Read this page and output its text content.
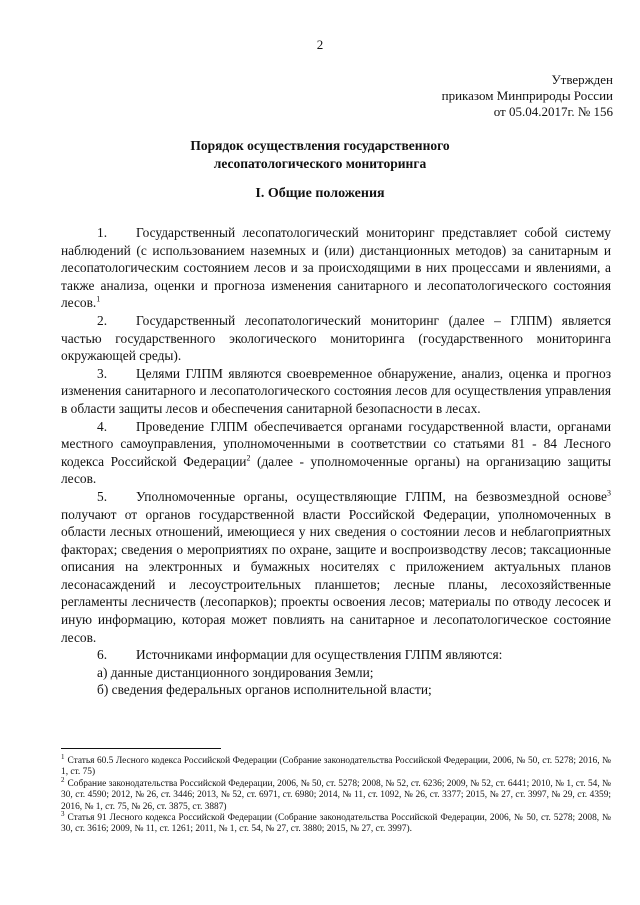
2
Утвержден
приказом Минприроды России
от 05.04.2017г. № 156
Порядок осуществления государственного
лесопатологического мониторинга
I. Общие положения

1. Государственный лесопатологический мониторинг представляет собой систему наблюдений (с использованием наземных и (или) дистанционных методов) за санитарным и лесопатологическим состоянием лесов и за происходящими в них процессами и явлениями, а также анализа, оценки и прогноза изменения санитарного и лесопатологического состояния лесов.$^1$

2. Государственный лесопатологический мониторинг (далее – ГЛПМ) является частью государственного экологического мониторинга (государственного мониторинга окружающей среды).

3. Целями ГЛПМ являются своевременное обнаружение, анализ, оценка и прогноз изменения санитарного и лесопатологического состояния лесов для осуществления управления в области защиты лесов и обеспечения санитарной безопасности в лесах.

4. Проведение ГЛПМ обеспечивается органами государственной власти, органами местного самоуправления, уполномоченными в соответствии со статьями 81 - 84 Лесного кодекса Российской Федерации$^2$ (далее - уполномоченные органы) на организацию защиты лесов.

5. Уполномоченные органы, осуществляющие ГЛПМ, на безвозмездной основе$^3$ получают от органов государственной власти Российской Федерации, уполномоченных в области лесных отношений, имеющиеся у них сведения о состоянии лесов и неблагоприятных факторах; сведения о мероприятиях по охране, защите и воспроизводству лесов; таксационные описания на электронных и бумажных носителях с приложением актуальных планов лесонасаждений и лесоустроительных планшетов; лесные планы, лесохозяйственные регламенты лесничеств (лесопарков); проекты освоения лесов; материалы по отводу лесосек и иную информацию, которая может повлиять на санитарное и лесопатологическое состояние лесов.

6. Источниками информации для осуществления ГЛПМ являются:

а) данные дистанционного зондирования Земли;

б) сведения федеральных органов исполнительной власти;

$^1$ Статья 60.5 Лесного кодекса Российской Федерации (Собрание законодательства Российской Федерации, 2006, № 50, ст. 5278; 2016, № 1, ст. 75)

$^2$ Собрание законодательства Российской Федерации, 2006, № 50, ст. 5278; 2008, № 52, ст. 6236; 2009, № 52, ст. 6441; 2010, № 1, ст. 54, № 30, ст. 4590; 2012, № 26, ст. 3446; 2013, № 52, ст. 6971, ст. 6980; 2014, № 11, ст. 1092, № 26, ст. 3377; 2015, № 27, ст. 3997, № 29, ст. 4359; 2016, № 1, ст. 75, № 26, ст. 3875, ст. 3887)

$^3$ Статья 91 Лесного кодекса Российской Федерации (Собрание законодательства Российской Федерации, 2006, № 50, ст. 5278; 2008, № 30, ст. 3616; 2009, № 11, ст. 1261; 2011, № 1, ст. 54, № 27, ст. 3880; 2015, № 27, ст. 3997).
